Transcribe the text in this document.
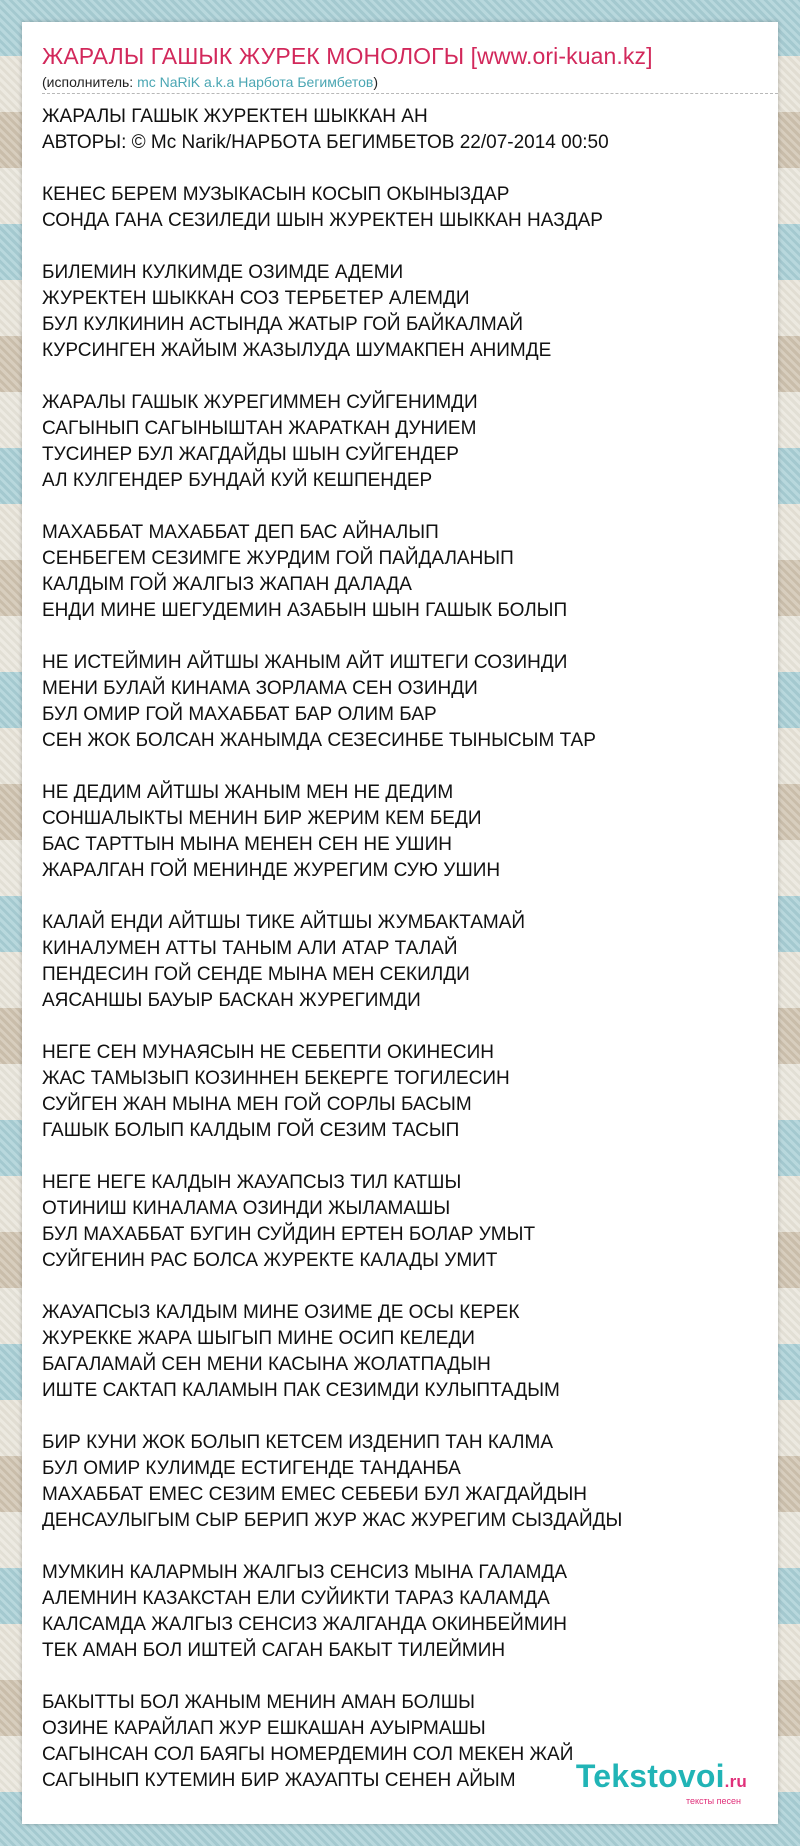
ЖАРАЛЫ ГАШЫК ЖУРЕК МОНОЛОГЫ [www.ori-kuan.kz]
(исполнитель: mc NaRiK a.k.a Нарбота Бегимбетов)
ЖАРАЛЫ ГАШЫК ЖУРЕКТЕН ШЫККАН АН
АВТОРЫ: © Mc Narik/НАРБОТА БЕГИМБЕТОВ 22/07-2014 00:50
КЕНЕС БЕРЕМ МУЗЫКАСЫН КОСЫП ОКЫНЫЗДАР
СОНДА ГАНА СЕЗИЛЕДИ ШЫН ЖУРЕКТЕН ШЫККАН НАЗДАР
БИЛЕМИН КУЛКИМДЕ ОЗИМДЕ АДЕМИ
ЖУРЕКТЕН ШЫККАН СОЗ ТЕРБЕТЕР АЛЕМДИ
БУЛ КУЛКИНИН АСТЫНДА ЖАТЫР ГОЙ БАЙКАЛМАЙ
КУРСИНГЕН ЖАЙЫМ ЖАЗЫЛУДА ШУМАКПЕН АНИМДЕ
ЖАРАЛЫ ГАШЫК ЖУРЕГИММЕН СУЙГЕНИМДИ
САГЫНЫП САГЫНЫШТАН ЖАРАТКАН ДУНИЕМ
ТУСИНЕР БУЛ ЖАГДАЙДЫ ШЫН СУЙГЕНДЕР
АЛ КУЛГЕНДЕР БУНДАЙ КУЙ КЕШПЕНДЕР
МАХАББАТ МАХАББАТ ДЕП БАС АЙНАЛЫП
СЕНБЕГЕМ СЕЗИМГЕ ЖУРДИМ ГОЙ ПАЙДАЛАНЫП
КАЛДЫМ ГОЙ ЖАЛГЫЗ ЖАПАН ДАЛАДА
ЕНДИ МИНЕ ШЕГУДЕМИН АЗАБЫН ШЫН ГАШЫК БОЛЫП
НЕ ИСТЕЙМИН АЙТШЫ ЖАНЫМ АЙТ ИШТЕГИ СОЗИНДИ
МЕНИ БУЛАЙ КИНАМА ЗОРЛАМА СЕН ОЗИНДИ
БУЛ ОМИР ГОЙ МАХАББАТ БАР ОЛИМ БАР
СЕН ЖОК БОЛСАН ЖАНЫМДА СЕЗЕСИНБЕ ТЫНЫСЫМ ТАР
НЕ ДЕДИМ АЙТШЫ ЖАНЫМ МЕН НЕ ДЕДИМ
СОНШАЛЫКТЫ МЕНИН БИР ЖЕРИМ КЕМ БЕДИ
БАС ТАРТТЫН МЫНА МЕНЕН СЕН НЕ УШИН
ЖАРАЛГАН ГОЙ МЕНИНДЕ ЖУРЕГИМ СУЮ УШИН
КАЛАЙ ЕНДИ АЙТШЫ ТИКЕ АЙТШЫ ЖУМБАКТАМАЙ
КИНАЛУМЕН АТТЫ ТАНЫМ АЛИ АТАР ТАЛАЙ
ПЕНДЕСИН ГОЙ СЕНДЕ МЫНА МЕН СЕКИЛДИ
АЯСАНШЫ БАУЫР БАСКАН ЖУРЕГИМДИ
НЕГЕ СЕН МУНАЯСЫН НЕ СЕБЕПТИ ОКИНЕСИН
ЖАС ТАМЫЗЫП КОЗИННЕН БЕКЕРГЕ ТОГИЛЕСИН
СУЙГЕН ЖАН МЫНА МЕН ГОЙ СОРЛЫ БАСЫМ
ГАШЫК БОЛЫП КАЛДЫМ ГОЙ СЕЗИМ ТАСЫП
НЕГЕ НЕГЕ КАЛДЫН ЖАУАПСЫЗ ТИЛ КАТШЫ
ОТИНИШ КИНАЛАМА ОЗИНДИ ЖЫЛАМАШЫ
БУЛ МАХАББАТ БУГИН СУЙДИН ЕРТЕН БОЛАР УМЫТ
СУЙГЕНИН РАС БОЛСА ЖУРЕКТЕ КАЛАДЫ УМИТ
ЖАУАПСЫЗ КАЛДЫМ МИНЕ ОЗИМЕ ДЕ ОСЫ КЕРЕК
ЖУРЕККЕ ЖАРА ШЫГЫП МИНЕ ОСИП КЕЛЕДИ
БАГАЛАМАЙ СЕН МЕНИ КАСЫНА ЖОЛАТПАДЫН
ИШТЕ САКТАП КАЛАМЫН ПАК СЕЗИМДИ КУЛЫПТАДЫМ
БИР КУНИ ЖОК БОЛЫП КЕТСЕМ ИЗДЕНИП ТАН КАЛМА
БУЛ ОМИР КУЛИМДЕ ЕСТИГЕНДЕ ТАНДАНБА
МАХАББАТ ЕМЕС СЕЗИМ ЕМЕС СЕБЕБИ БУЛ ЖАГДАЙДЫН
ДЕНСАУЛЫГЫМ СЫР БЕРИП ЖУР ЖАС ЖУРЕГИМ СЫЗДАЙДЫ
МУМКИН КАЛАРМЫН ЖАЛГЫЗ СЕНСИЗ МЫНА ГАЛАМДА
АЛЕМНИН КАЗАКСТАН ЕЛИ СУЙИКТИ ТАРАЗ КАЛАМДА
КАЛСАМДА ЖАЛГЫЗ СЕНСИЗ ЖАЛГАНДА ОКИНБЕЙМИН
ТЕК АМАН БОЛ ИШТЕЙ САГАН БАКЫТ ТИЛЕЙМИН
БАКЫТТЫ БОЛ ЖАНЫМ МЕНИН АМАН БОЛШЫ
ОЗИНЕ КАРАЙЛАП ЖУР ЕШКАШАН АУЫРМАШЫ
САГЫНСАН СОЛ БАЯГЫ НОМЕРДЕМИН СОЛ МЕКЕН ЖАЙ
САГЫНЫП КУТЕМИН БИР ЖАУАПТЫ СЕНЕН АЙЫМ	Tekstovoi.ru
тексты песен
